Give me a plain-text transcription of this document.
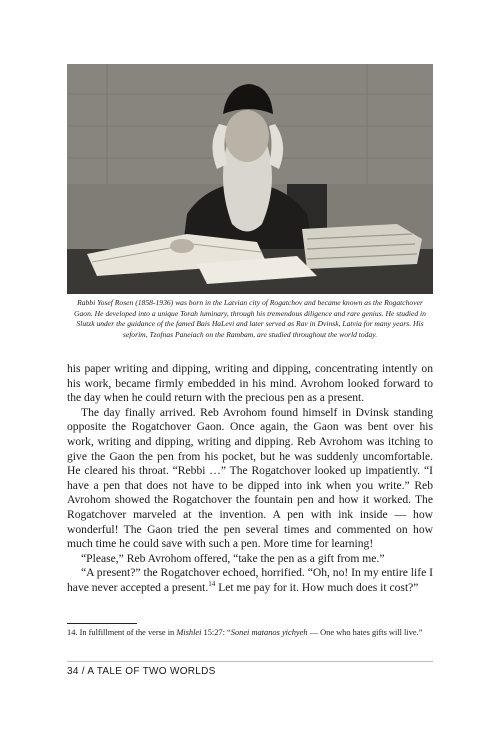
Rabbi Yosef Rosen (1858-1936) was born in the Latvian city of Rogatchov and became known as the Rogatchover Gaon. He developed into a unique Torah luminary, through his tremendous diligence and rare genius. He studied in Slutzk under the guidance of the famed Bais HaLevi and later served as Rav in Dvinsk, Latvia for many years. His seforim, Tzofnas Paneiach on the Rambam, are studied throughout the world today.

his paper writing and dipping, writing and dipping, concentrating intently on his work, became firmly embedded in his mind. Avrohom looked forward to the day when he could return with the precious pen as a present.

The day finally arrived. Reb Avrohom found himself in Dvinsk standing opposite the Rogatchover Gaon. Once again, the Gaon was bent over his work, writing and dipping, writing and dipping. Reb Avrohom was itching to give the Gaon the pen from his pocket, but he was suddenly uncomfortable. He cleared his throat. “Rebbi …” The Rogatchover looked up impatiently. “I have a pen that does not have to be dipped into ink when you write.” Reb Avrohom showed the Rogatchover the fountain pen and how it worked. The Rogatchover marveled at the invention. A pen with ink inside — how wonderful! The Gaon tried the pen several times and commented on how much time he could save with such a pen. More time for learning!

“Please,” Reb Avrohom offered, “take the pen as a gift from me.”

“A present?” the Rogatchover echoed, horrified. “Oh, no! In my entire life I have never accepted a present.$^{14}$ Let me pay for it. How much does it cost?”

14. In fulfillment of the verse in Mishlei 15:27: “Sonei matanos yichyeh — One who hates gifts will live.”

34 / A TALE OF TWO WORLDS
